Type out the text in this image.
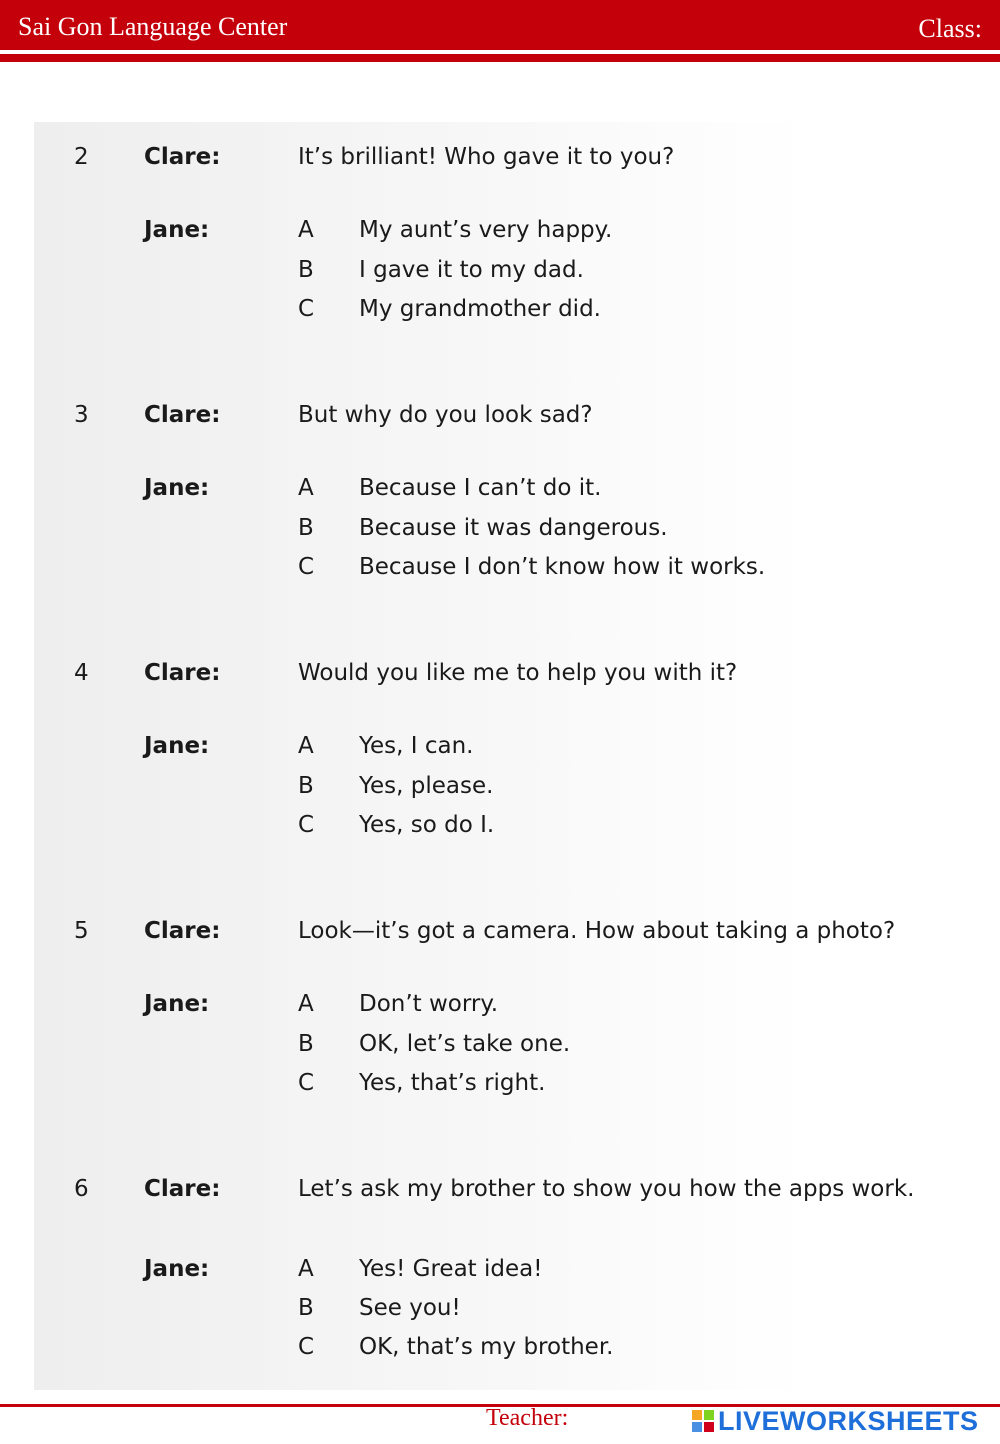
Sai Gon Language Center	Class:
2 Clare:	It’s brilliant! Who gave it to you?
Jane:	A My aunt’s very happy.
B I gave it to my dad.
C My grandmother did.
3 Clare:	But why do you look sad?
Jane:	A Because I can’t do it.
B Because it was dangerous.
C Because I don’t know how it works.
4 Clare:	Would you like me to help you with it?
Jane:	A Yes, I can.
B Yes, please.
C Yes, so do I.
5 Clare:	Look—it’s got a camera. How about taking a photo?
Jane:	A Don’t worry.
B OK, let’s take one.
C Yes, that’s right.
6 Clare:	Let’s ask my brother to show you how the apps work.
Jane:	A Yes! Great idea!
B See you!
C OK, that’s my brother.
Teacher:	LIVEWORKSHEETS
